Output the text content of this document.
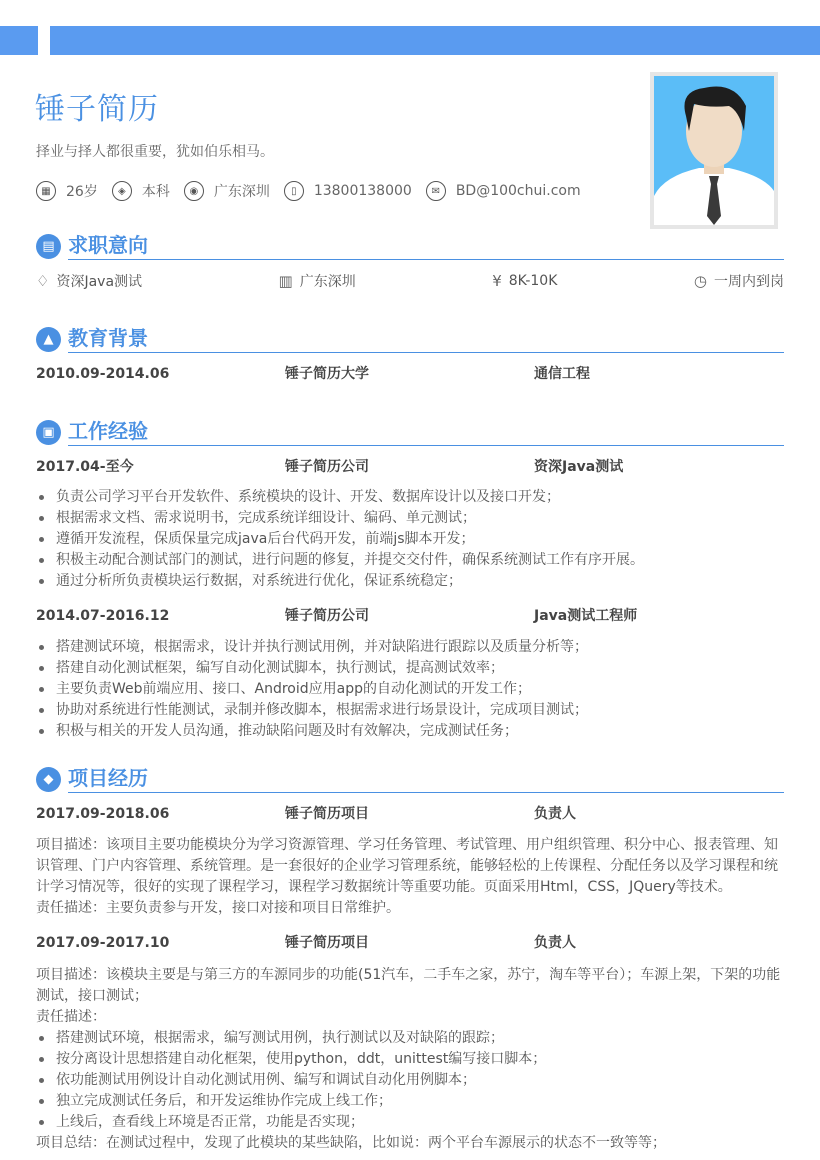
锤子简历
择业与择人都很重要，犹如伯乐相马。
▦	26岁	◈	本科	◉	广东深圳	▯	13800138000	✉	BD@100chui.com
▤ 求职意向
♢ 资深Java测试	▥ 广东深圳	¥ 8K-10K	◷ 一周内到岗
▲ 教育背景
2010.09-2014.06	锤子简历大学	通信工程
▣ 工作经验
2017.04-至今	锤子简历公司	资深Java测试
负责公司学习平台开发软件、系统模块的设计、开发、数据库设计以及接口开发；
根据需求文档、需求说明书，完成系统详细设计、编码、单元测试；
遵循开发流程，保质保量完成java后台代码开发，前端js脚本开发；
积极主动配合测试部门的测试，进行问题的修复，并提交交付件，确保系统测试工作有序开展。
通过分析所负责模块运行数据，对系统进行优化，保证系统稳定；
2014.07-2016.12	锤子简历公司	Java测试工程师
搭建测试环境，根据需求，设计并执行测试用例，并对缺陷进行跟踪以及质量分析等；
搭建自动化测试框架，编写自动化测试脚本，执行测试，提高测试效率；
主要负责Web前端应用、接口、Android应用app的自动化测试的开发工作；
协助对系统进行性能测试，录制并修改脚本，根据需求进行场景设计，完成项目测试；
积极与相关的开发人员沟通，推动缺陷问题及时有效解决，完成测试任务；
◆ 项目经历
2017.09-2018.06	锤子简历项目	负责人
项目描述：该项目主要功能模块分为学习资源管理、学习任务管理、考试管理、用户组织管理、积分中心、报表管理、知识管理、门户内容管理、系统管理。是一套很好的企业学习管理系统，能够轻松的上传课程、分配任务以及学习课程和统计学习情况等，很好的实现了课程学习，课程学习数据统计等重要功能。页面采用Html，CSS，JQuery等技术。
责任描述：主要负责参与开发，接口对接和项目日常维护。
2017.09-2017.10	锤子简历项目	负责人
项目描述：该模块主要是与第三方的车源同步的功能(51汽车，二手车之家，苏宁，淘车等平台）；车源上架，下架的功能测试，接口测试；
责任描述：
搭建测试环境，根据需求，编写测试用例，执行测试以及对缺陷的跟踪；
按分离设计思想搭建自动化框架，使用python，ddt，unittest编写接口脚本；
依功能测试用例设计自动化测试用例、编写和调试自动化用例脚本；
独立完成测试任务后，和开发运维协作完成上线工作；
上线后，查看线上环境是否正常，功能是否实现；
项目总结：在测试过程中，发现了此模块的某些缺陷，比如说：两个平台车源展示的状态不一致等等；
